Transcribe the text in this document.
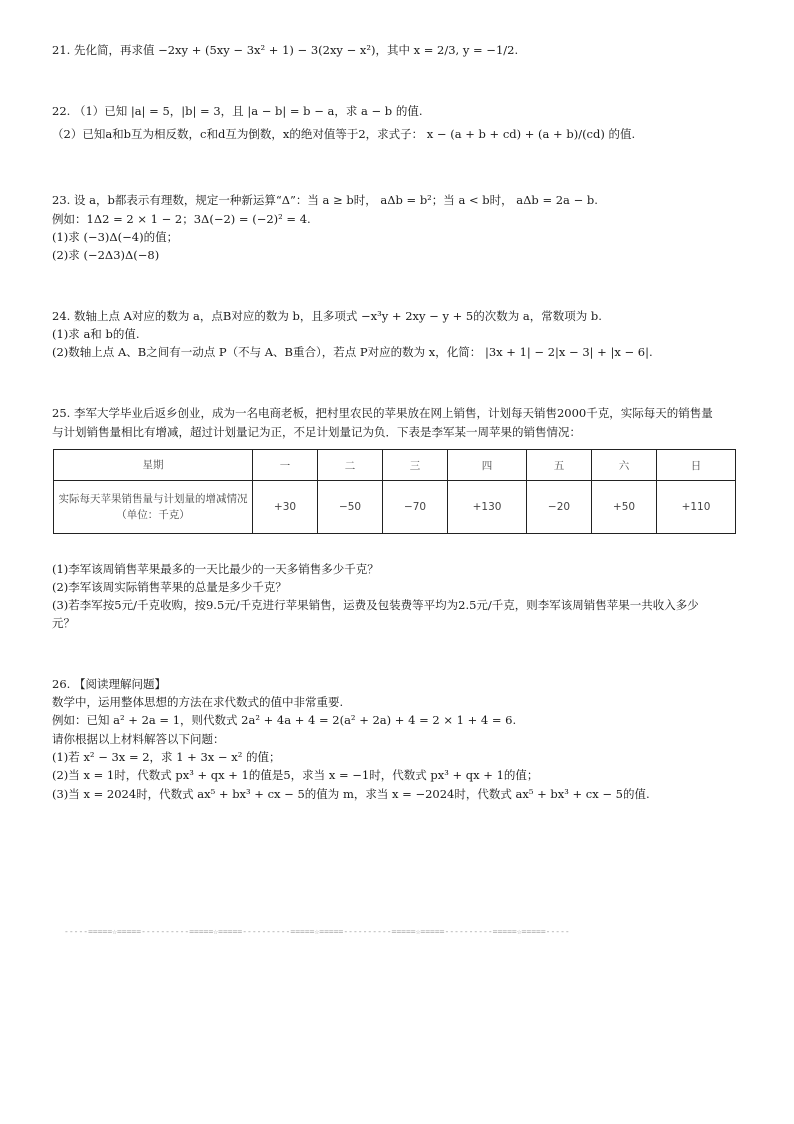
21. 先化简，再求值 −2xy + (5xy − 3x² + 1) − 3(2xy − x²)，其中 x = 2/3, y = −1/2.
22. （1）已知 |a| = 5，|b| = 3，且 |a − b| = b − a，求 a − b 的值.
（2）已知a和b互为相反数，c和d互为倒数，x的绝对值等于2，求式子： x − (a + b + cd) + (a + b)/(cd) 的值.
23. 设 a，b都表示有理数，规定一种新运算“Δ”：当 a ≥ b时， aΔb = b²；当 a < b时， aΔb = 2a − b.
例如：1Δ2 = 2 × 1 − 2；3Δ(−2) = (−2)² = 4.
(1)求 (−3)Δ(−4)的值；
(2)求 (−2Δ3)Δ(−8)
24. 数轴上点 A对应的数为 a，点B对应的数为 b，且多项式 −x³y + 2xy − y + 5的次数为 a，常数项为 b.
(1)求 a和 b的值.
(2)数轴上点 A、B之间有一动点 P（不与 A、B重合），若点 P对应的数为 x，化简： |3x + 1| − 2|x − 3| + |x − 6|.
25. 李军大学毕业后返乡创业，成为一名电商老板，把村里农民的苹果放在网上销售，计划每天销售2000千克，实际每天的销售量
与计划销售量相比有增减，超过计划量记为正，不足计划量记为负．下表是李军某一周苹果的销售情况：
星期	一	二	三	四	五	六	日
实际每天苹果销售量与计划量的增减情况（单位：千克）	+30	−50	−70	+130	−20	+50	+110
(1)李军该周销售苹果最多的一天比最少的一天多销售多少千克？
(2)李军该周实际销售苹果的总量是多少千克？
(3)若李军按5元/千克收购，按9.5元/千克进行苹果销售，运费及包装费等平均为2.5元/千克，则李军该周销售苹果一共收入多少
元？
26. 【阅读理解问题】
数学中，运用整体思想的方法在求代数式的值中非常重要.
例如：已知 a² + 2a = 1，则代数式 2a² + 4a + 4 = 2(a² + 2a) + 4 = 2 × 1 + 4 = 6.
请你根据以上材料解答以下问题：
(1)若 x² − 3x = 2，求 1 + 3x − x² 的值；
(2)当 x = 1时，代数式 px³ + qx + 1的值是5，求当 x = −1时，代数式 px³ + qx + 1的值；
(3)当 x = 2024时，代数式 ax⁵ + bx³ + cx − 5的值为 m，求当 x = −2024时，代数式 ax⁵ + bx³ + cx − 5的值.
-----=====☆=====----------=====☆=====----------=====☆=====----------=====☆=====----------=====☆=====-----
